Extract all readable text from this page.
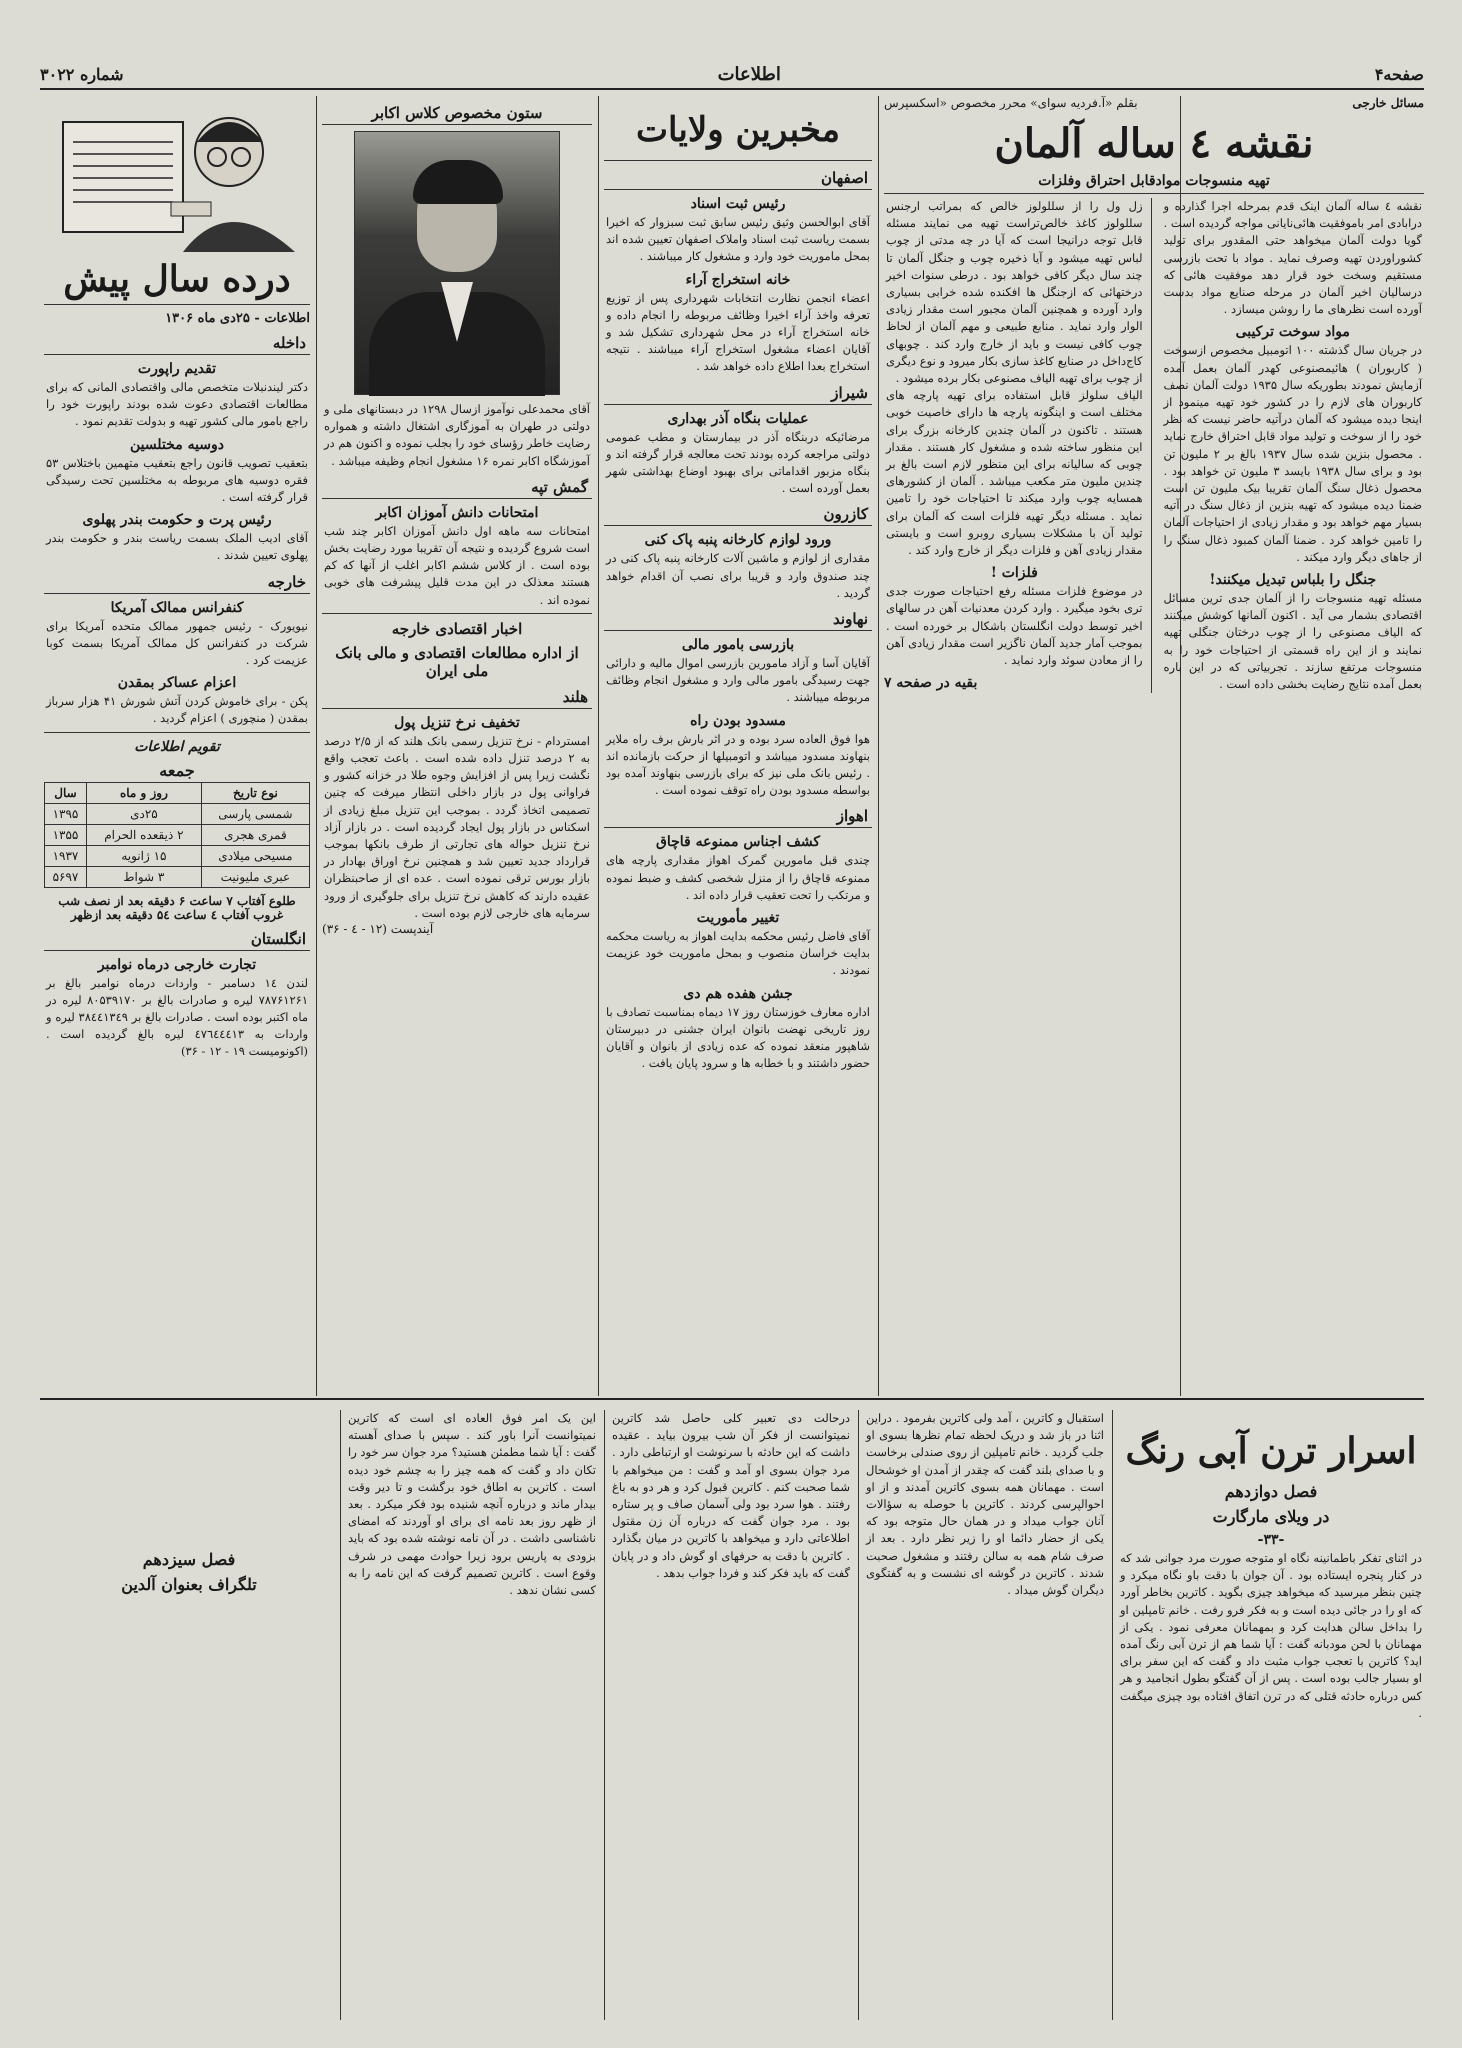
صفحه۴
اطلاعات
شماره ۳۰۲۲
مسائل خارجی
بقلم «آ.فردیه سوای» محرر مخصوص «اسکسپرس
نقشه ٤ ساله آلمان
تهیه منسوجات موادقابل احتراق وفلزات

نقشه ٤ ساله آلمان اینک قدم بمرحله اجرا گذارده و درابادی امر باموفقیت هائی‌نایانی مواجه گردیده است . گویا دولت آلمان میخواهد حتی المقدور برای تولید کشوراوردن تهیه وصرف نماید . مواد با تحت بازرسی مستقیم وسخت خود قرار دهد موفقیت هائی که درسالیان اخیر آلمان در مرحله صنایع مواد بدست آورده است نظرهای ما را روشن میسازد .

مواد سوخت ترکیبی

در جریان سال گذشته ۱۰۰ اتومبیل مخصوص ازسوخت ( کاربوران ) هائیمصنوعی کهدر آلمان بعمل آمده آزمایش نمودند بطوریکه سال ۱۹۳۵ دولت آلمان نصف کاربوران های لازم را در کشور خود تهیه مینمود از اینجا دیده میشود که آلمان درآتیه حاضر نیست که نظر خود را از سوخت و تولید مواد قابل احتراق خارج نماید . محصول بنزین شده سال ۱۹۳۷ بالغ بر ۲ ملیون تن بود و برای سال ۱۹۳۸ بایسد ۳ ملیون تن خواهد بود . محصول ذغال سنگ آلمان تقریبا بیک ملیون تن است ضمنا دیده میشود که تهیه بنزین از ذغال سنگ در آتیه بسیار مهم خواهد بود و مقدار زیادی از احتیاجات آلمان را تامین خواهد کرد . ضمنا آلمان کمبود ذغال سنگ را از جاهای دیگر وارد میکند .

جنگل را بلباس تبدیل میکنند!

مسئله تهیه منسوجات را از آلمان جدی ترین مسائل اقتصادی بشمار می آید . اکنون آلمانها کوشش میکنند که الیاف مصنوعی را از چوب درختان جنگلی تهیه نمایند و از این راه قسمتی از احتیاجات خود را به منسوجات مرتفع سازند . تجربیاتی که در این باره بعمل آمده نتایج رضایت بخشی داده است .

زل ول را از سللولوز خالص که بمراتب ارجنس سللولوز کاغذ خالص‌تراست تهیه می نمایند مسئله قابل توجه درانیجا است که آیا در چه مدتی از چوب لباس تهیه میشود و آیا ذخیره چوب و جنگل آلمان تا چند سال دیگر کافی خواهد بود . درطی سنوات اخیر درختهائی که ازجنگل ها افکنده شده خرابی بسیاری وارد آورده و همچنین آلمان مجبور است مقدار زیادی الوار وارد نماید . منابع طبیعی و مهم آلمان از لحاظ چوب کافی نیست و باید از خارج وارد کند . چوبهای کاج‌داخل در صنایع کاغذ سازی بکار میرود و نوع دیگری از چوب برای تهیه الیاف مصنوعی بکار برده میشود .

الیاف سلولز قابل استفاده برای تهیه پارچه های مختلف است و اینگونه پارچه ها دارای خاصیت خوبی هستند . تاکنون در آلمان چندین کارخانه بزرگ برای این منظور ساخته شده و مشغول کار هستند . مقدار چوبی که سالیانه برای این منظور لازم است بالغ بر چندین ملیون متر مکعب میباشد . آلمان از کشورهای همسایه چوب وارد میکند تا احتیاجات خود را تامین نماید . مسئله دیگر تهیه فلزات است که آلمان برای تولید آن با مشکلات بسیاری روبرو است و بایستی مقدار زیادی آهن و فلزات دیگر از خارج وارد کند .

فلزات !

در موضوع فلزات مسئله رفع احتیاجات صورت جدی تری بخود میگیرد . وارد کردن معدنیات آهن در سالهای اخیر توسط دولت انگلستان باشکال بر خورده است . بموجب آمار جدید آلمان ناگزیر است مقدار زیادی آهن را از معادن سوئد وارد نماید .

بقیه در صفحه ۷
مخبرین ولایات
اصفهان
رئیس ثبت اسناد

آقای ابوالحسن وثیق رئیس سابق ثبت سبزوار که اخیرا بسمت ریاست ثبت اسناد واملاک اصفهان تعیین شده اند بمحل ماموریت خود وارد و مشغول کار میباشند .

خانه استخراج آراء

اعضاء انجمن نظارت انتخابات شهرداری پس از توزیع تعرفه واخذ آراء اخیرا وظائف مربوطه را انجام داده و خانه استخراج آراء در محل شهرداری تشکیل شد و آقایان اعضاء مشغول استخراج آراء میباشند . نتیجه استخراج بعدا اطلاع داده خواهد شد .

شیراز
عملیات بنگاه آذر بهداری

مرضائیکه دربنگاه آذر در بیمارستان و مطب عمومی دولتی مراجعه کرده بودند تحت معالجه قرار گرفته اند و بنگاه مزبور اقداماتی برای بهبود اوضاع بهداشتی شهر بعمل آورده است .

کازرون
ورود لوازم کارخانه پنبه پاک کنی

مقداری از لوازم و ماشین آلات کارخانه پنبه پاک کنی در چند صندوق وارد و قریبا برای نصب آن اقدام خواهد گردید .

نهاوند
بازرسی بامور مالی

آقایان آسا و آزاد مامورین بازرسی اموال مالیه و دارائی جهت رسیدگی بامور مالی وارد و مشغول انجام وظائف مربوطه میباشند .

مسدود بودن راه

هوا فوق العاده سرد بوده و در اثر بارش برف راه ملایر بنهاوند مسدود میباشد و اتومبیلها از حرکت بازمانده اند . رئیس بانک ملی نیز که برای بازرسی بنهاوند آمده بود بواسطه مسدود بودن راه توقف نموده است .

اهواز
کشف اجناس ممنوعه قاچاق

چندی قبل مامورین گمرک اهواز مقداری پارچه های ممنوعه قاچاق را از منزل شخصی کشف و ضبط نموده و مرتکب را تحت تعقیب قرار داده اند .

تغییر مأموریت

آقای فاضل رئیس محکمه بدایت اهواز به ریاست محکمه بدایت خراسان منصوب و بمحل ماموریت خود عزیمت نمودند .

جشن هفده هم دی

اداره معارف خوزستان روز ۱۷ دیماه بمناسبت تصادف با روز تاریخی نهضت بانوان ایران جشنی در دبیرستان شاهپور منعقد نموده که عده زیادی از بانوان و آقایان حضور داشتند و با خطابه ها و سرود پایان یافت .

ستون مخصوص کلاس اکابر

آقای محمدعلی نوآموز ازسال ۱۲۹۸ در دبستانهای ملی و دولتی در طهران به آموزگاری اشتغال داشته و همواره رضایت خاطر رؤسای خود را بجلب نموده و اکنون هم در آموزشگاه اکابر نمره ۱۶ مشغول انجام وظیفه میباشد .

گمش تپه
امتحانات دانش آموزان اکابر

امتحانات سه ماهه اول دانش آموزان اکابر چند شب است شروع گردیده و نتیجه آن تقریبا مورد رضایت بخش بوده است . از کلاس ششم اکابر اغلب از آنها که کم هستند معذلک در این مدت قلیل پیشرفت های خوبی نموده اند .

اخبار اقتصادی خارجه
از اداره مطالعات اقتصادی و مالی بانک ملی ایران
هلند
تخفیف نرخ تنزیل پول

امستردام - نرخ تنزیل رسمی بانک هلند که از ۲/۵ درصد به ۲ درصد تنزل داده شده است . باعث تعجب واقع نگشت زیرا پس از افزایش وجوه طلا در خزانه کشور و فراوانی پول در بازار داخلی انتظار میرفت که چنین تصمیمی اتخاذ گردد . بموجب این تنزیل مبلغ زیادی از اسکناس در بازار پول ایجاد گردیده است . در بازار آزاد نرخ تنزیل حواله های تجارتی از طرف بانکها بموجب قرارداد جدید تعیین شد و همچنین نرخ اوراق بهادار در بازار بورس ترقی نموده است . عده ای از صاحبنظران عقیده دارند که کاهش نرخ تنزیل برای جلوگیری از ورود سرمایه های خارجی لازم بوده است .

آیندپست (۱۲ - ٤ - ۳۶)
درده سال پیش
اطلاعات - ۲۵دی ماه ۱۳۰۶
داخله
تقدیم راپورت

دکتر لیندنبلات متخصص مالی واقتصادی المانی که برای مطالعات اقتصادی دعوت شده بودند راپورت خود را راجع بامور مالی کشور تهیه و بدولت تقدیم نمود .

دوسیه مختلسین

بتعقیب تصویب قانون راجع بتعقیب متهمین باختلاس ۵۳ فقره دوسیه های مربوطه به مختلسین تحت رسیدگی قرار گرفته است .

رئیس پرت و حکومت بندر پهلوی

آقای ادیب الملک بسمت ریاست بندر و حکومت بندر پهلوی تعیین شدند .

خارجه
کنفرانس ممالک آمریکا

نیویورک - رئیس جمهور ممالک متحده آمریکا برای شرکت در کنفرانس کل ممالک آمریکا بسمت کوبا عزیمت کرد .

اعزام عساکر بمقدن

پکن - برای خاموش کردن آتش شورش ۴۱ هزار سرباز بمقدن ( منچوری ) اعزام گردید .

تقویم اطلاعات
جمعه
نوع تاریخ	روز و ماه	سال
شمسی پارسی	۲۵دی	۱۳۹۵
قمری هجری	۲ ذیقعده الحرام	۱۳۵۵
مسیحی میلادی	۱۵ ژانویه	۱۹۳۷
عبری ملیونیت	۳ شواط	۵۶۹۷
طلوع آفتاب ۷ ساعت ۶ دقیقه بعد از نصف شب
غروب آفتاب ٤ ساعت ۵٤ دقیقه بعد ازظهر
انگلستان
تجارت خارجی درماه نوامبر

لندن ۱٤ دسامبر - واردات درماه نوامبر بالغ بر ۷۸۷۶۱۲۶۱ لیره و صادرات بالغ بر ۸۰۵۳۹۱۷۰ لیره در ماه اکتبر بوده است . صادرات بالغ بر ۳۸٤٤۱۳٤۹ لیره و واردات به ٤۷٦٤٤٤۱۳ لیره بالغ گردیده است . (اکونومیست ۱۹ - ۱۲ - ۳۶)

اسرار ترن آبی رنگ
فصل دوازدهم
در ویلای مارگارت
-۳۳-

در اثنای تفکر باطمانینه نگاه او متوجه صورت مرد جوانی شد که در کنار پنجره ایستاده بود . آن جوان با دقت باو نگاه میکرد و چنین بنظر میرسید که میخواهد چیزی بگوید . کاترین بخاطر آورد که او را در جائی دیده است و به فکر فرو رفت . خانم تامپلین او را بداخل سالن هدایت کرد و بمهمانان معرفی نمود . یکی از مهمانان با لحن مودبانه گفت : آیا شما هم از ترن آبی رنگ آمده اید؟ کاترین با تعجب جواب مثبت داد و گفت که این سفر برای او بسیار جالب بوده است . پس از آن گفتگو بطول انجامید و هر کس درباره حادثه قتلی که در ترن اتفاق افتاده بود چیزی میگفت .

استقبال و کاترین ، آمد ولی کاترین بفرمود . دراین اثنا در باز شد و دریک لحظه تمام نظرها بسوی او جلب گردید . خانم تامپلین از روی صندلی برخاست و با صدای بلند گفت که چقدر از آمدن او خوشحال است . مهمانان همه بسوی کاترین آمدند و از او احوالپرسی کردند . کاترین با حوصله به سؤالات آنان جواب میداد و در همان حال متوجه بود که یکی از حضار دائما او را زیر نظر دارد . بعد از صرف شام همه به سالن رفتند و مشغول صحبت شدند . کاترین در گوشه ای نشست و به گفتگوی دیگران گوش میداد .

درحالت دی تعبیر کلی حاصل شد کاترین نمیتوانست از فکر آن شب بیرون بیاید . عقیده داشت که این حادثه با سرنوشت او ارتباطی دارد . مرد جوان بسوی او آمد و گفت : من میخواهم با شما صحبت کنم . کاترین قبول کرد و هر دو به باغ رفتند . هوا سرد بود ولی آسمان صاف و پر ستاره بود . مرد جوان گفت که درباره آن زن مقتول اطلاعاتی دارد و میخواهد با کاترین در میان بگذارد . کاترین با دقت به حرفهای او گوش داد و در پایان گفت که باید فکر کند و فردا جواب بدهد .

این یک امر فوق العاده ای است که کاترین نمیتوانست آنرا باور کند . سپس با صدای آهسته گفت : آیا شما مطمئن هستید؟ مرد جوان سر خود را تکان داد و گفت که همه چیز را به چشم خود دیده است . کاترین به اطاق خود برگشت و تا دیر وقت بیدار ماند و درباره آنچه شنیده بود فکر میکرد . بعد از ظهر روز بعد نامه ای برای او آوردند که امضای ناشناسی داشت . در آن نامه نوشته شده بود که باید بزودی به پاریس برود زیرا حوادث مهمی در شرف وقوع است . کاترین تصمیم گرفت که این نامه را به کسی نشان ندهد .

فصل سیزدهم
تلگراف بعنوان آلدین
